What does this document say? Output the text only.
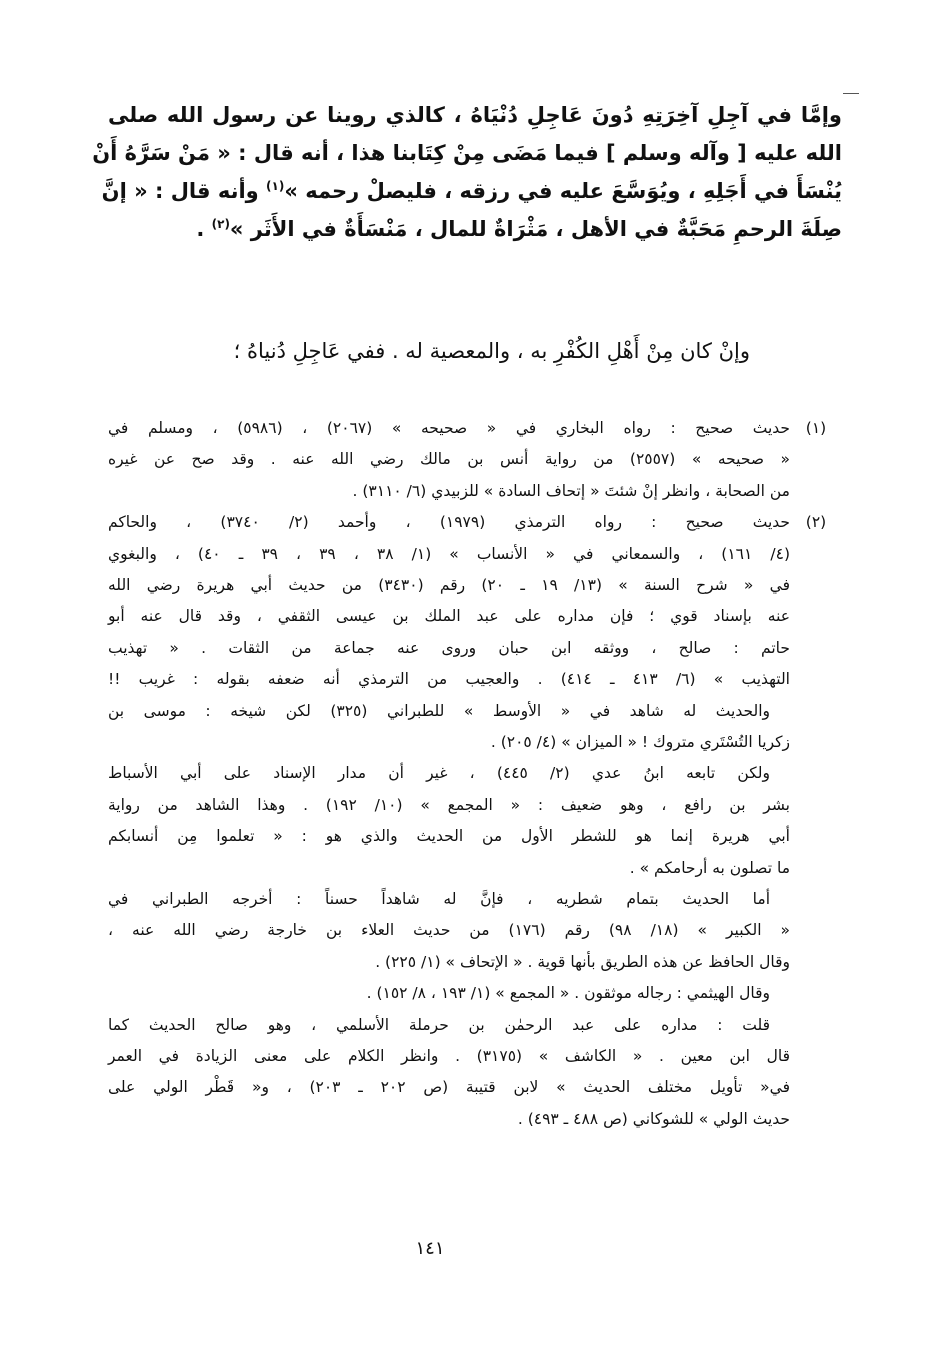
وإمَّا في آجِلِ آخِرَتِهِ دُونَ عَاجِلِ دُنْيَاهُ ، كالذي روينا عن رسول الله صلى
الله عليه [ وآله وسلم ] فيما مَضَى مِنْ كِتَابنا هذا ، أنه قال : « مَنْ سَرَّهُ أَنْ
يُنْسَأَ في أَجَلِهِ ، ويُوَسَّعَ عليه في رزقه ، فليصلْ رحمه »$^{(١)}$ وأنه قال : « إنَّ
صِلَةَ الرحمِ مَحَبَّةٌ في الأهل ، مَثْرَاةٌ للمال ، مَنْسَأَةٌ في الأَثَر »$^{(٢)}$ .
وإنْ كان مِنْ أَهْلِ الكُفْرِ به ، والمعصية له . ففي عَاجِلِ دُنياهُ ؛
حديث صحيح : رواه البخاري في « صحيحه » (٢٠٦٧) ، (٥٩٨٦) ، ومسلم في	(١)
« صحيحه » (٢٥٥٧) من رواية أنس بن مالك رضي الله عنه . وقد صح عن غيره
من الصحابة ، وانظر إنْ شئتَ « إتحاف السادة » للزبيدي (٦/ ٣١١٠) .
حديث صحيح : رواه الترمذي (١٩٧٩) ، وأحمد (٢/ ٣٧٤٠) ، والحاكم	(٢)
(٤/ ١٦١) ، والسمعاني في « الأنساب » (١/ ٣٨ ، ٣٩ ، ٣٩ ـ ٤٠) ، والبغوي
في « شرح السنة » (١٣/ ١٩ ـ ٢٠) رقم (٣٤٣٠) من حديث أبي هريرة رضي الله
عنه بإسناد قوي ؛ فإن مداره على عبد الملك بن عيسى الثقفي ، وقد قال عنه أبو
حاتم : صالح ، ووثقه ابن حبان وروى عنه جماعة من الثقات . « تهذيب
التهذيب » (٦/ ٤١٣ ـ ٤١٤) . والعجيب من الترمذي أنه ضعفه بقوله : غريب !!
والحديث له شاهد في « الأوسط » للطبراني (٣٢٥) لكن شيخه : موسى بن
زكريا التُسْتَري متروك ! « الميزان » (٤/ ٢٠٥) .
ولكن تابعه ابنُ عدي (٢/ ٤٤٥) ، غير أن مدار الإسناد على أبي الأسباط
بشر بن رافع ، وهو ضعيف : « المجمع » (١٠/ ١٩٢) . وهذا الشاهد من رواية
أبي هريرة إنما هو للشطر الأول من الحديث والذي هو : « تعلموا مِن أنسابكم
ما تصلون به أرحامكم » .
أما الحديث بتمام شطريه ، فإنَّ له شاهداً حسناً : أخرجه الطبراني في
« الكبير » (١٨/ ٩٨) رقم (١٧٦) من حديث العلاء بن خارجة رضي الله عنه ،
وقال الحافظ عن هذه الطريق بأنها قوية . « الإتحاف » (١/ ٢٢٥) .
وقال الهيثمي : رجاله موثقون . « المجمع » (١/ ١٩٣ ، ٨/ ١٥٢) .
قلت : مداره على عبد الرحمٰن بن حرملة الأسلمي ، وهو صالح الحديث كما
قال ابن معين . « الكاشف » (٣١٧٥) . وانظر الكلام على معنى الزيادة في العمر
في« تأويل مختلف الحديث » لابن قتيبة (ص ٢٠٢ ـ ٢٠٣) ، و« قَطْر الولي على
حديث الولي » للشوكاني (ص ٤٨٨ ـ ٤٩٣) .
١٤١
